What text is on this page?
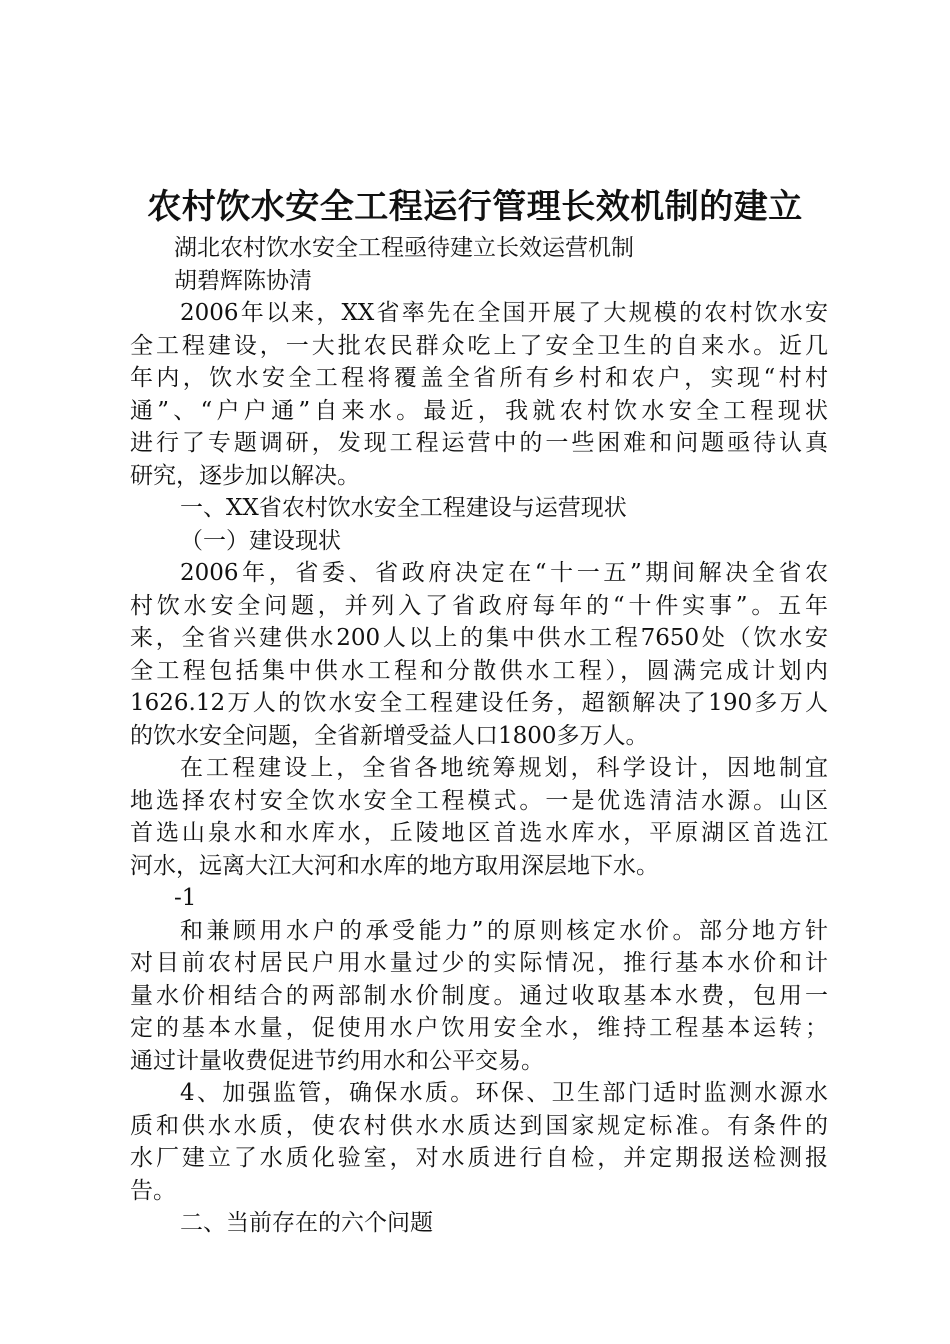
农村饮水安全工程运行管理长效机制的建立
湖北农村饮水安全工程亟待建立长效运营机制
胡碧辉陈协清
2006年以来，XX省率先在全国开展了大规模的农村饮水安
全工程建设，一大批农民群众吃上了安全卫生的自来水。近几
年内，饮水安全工程将覆盖全省所有乡村和农户，实现“村村
通”、“户户通”自来水。最近，我就农村饮水安全工程现状
进行了专题调研，发现工程运营中的一些困难和问题亟待认真
研究，逐步加以解决。
一、XX省农村饮水安全工程建设与运营现状
（一）建设现状
2006年，省委、省政府决定在“十一五”期间解决全省农
村饮水安全问题，并列入了省政府每年的“十件实事”。五年
来，全省兴建供水200人以上的集中供水工程7650处（饮水安
全工程包括集中供水工程和分散供水工程），圆满完成计划内
1626.12万人的饮水安全工程建设任务，超额解决了190多万人
的饮水安全问题，全省新增受益人口1800多万人。
在工程建设上，全省各地统筹规划，科学设计，因地制宜
地选择农村安全饮水安全工程模式。一是优选清洁水源。山区
首选山泉水和水库水，丘陵地区首选水库水，平原湖区首选江
河水，远离大江大河和水库的地方取用深层地下水。
-1
和兼顾用水户的承受能力”的原则核定水价。部分地方针
对目前农村居民户用水量过少的实际情况，推行基本水价和计
量水价相结合的两部制水价制度。通过收取基本水费，包用一
定的基本水量，促使用水户饮用安全水，维持工程基本运转；
通过计量收费促进节约用水和公平交易。
4、加强监管，确保水质。环保、卫生部门适时监测水源水
质和供水水质，使农村供水水质达到国家规定标准。有条件的
水厂建立了水质化验室，对水质进行自检，并定期报送检测报
告。
二、当前存在的六个问题
